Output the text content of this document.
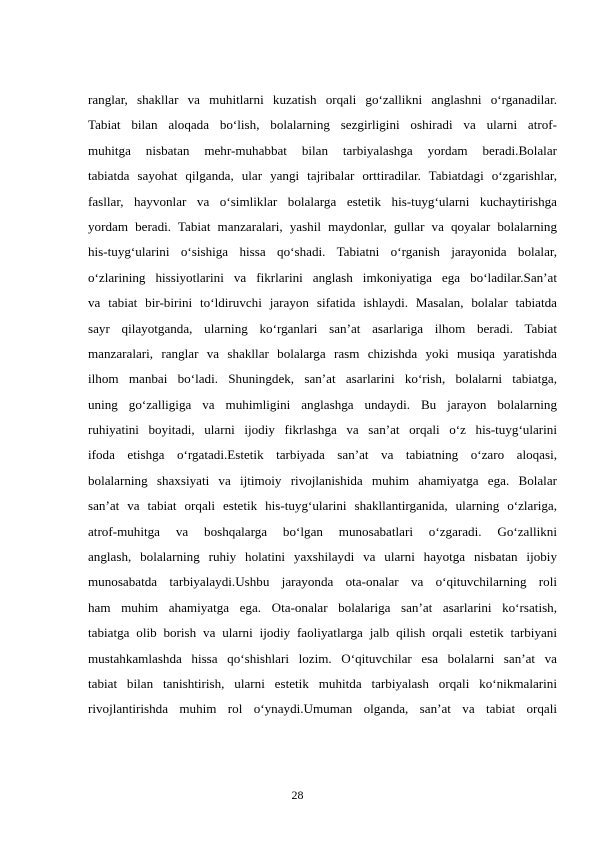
ranglar, shakllar va muhitlarni kuzatish orqali go‘zallikni anglashni o‘rganadilar.
Tabiat bilan aloqada bo‘lish, bolalarning sezgirligini oshiradi va ularni atrof-
muhitga nisbatan mehr-muhabbat bilan tarbiyalashga yordam beradi.Bolalar
tabiatda sayohat qilganda, ular yangi tajribalar orttiradilar. Tabiatdagi o‘zgarishlar,
fasllar, hayvonlar va o‘simliklar bolalarga estetik his-tuyg‘ularni kuchaytirishga
yordam beradi. Tabiat manzaralari, yashil maydonlar, gullar va qoyalar bolalarning
his-tuyg‘ularini o‘sishiga hissa qo‘shadi. Tabiatni o‘rganish jarayonida bolalar,
o‘zlarining hissiyotlarini va fikrlarini anglash imkoniyatiga ega bo‘ladilar.San’at
va tabiat bir-birini to‘ldiruvchi jarayon sifatida ishlaydi. Masalan, bolalar tabiatda
sayr qilayotganda, ularning ko‘rganlari san’at asarlariga ilhom beradi. Tabiat
manzaralari, ranglar va shakllar bolalarga rasm chizishda yoki musiqa yaratishda
ilhom manbai bo‘ladi. Shuningdek, san’at asarlarini ko‘rish, bolalarni tabiatga,
uning go‘zalligiga va muhimligini anglashga undaydi. Bu jarayon bolalarning
ruhiyatini boyitadi, ularni ijodiy fikrlashga va san’at orqali o‘z his-tuyg‘ularini
ifoda etishga o‘rgatadi.Estetik tarbiyada san’at va tabiatning o‘zaro aloqasi,
bolalarning shaxsiyati va ijtimoiy rivojlanishida muhim ahamiyatga ega. Bolalar
san’at va tabiat orqali estetik his-tuyg‘ularini shakllantirganida, ularning o‘zlariga,
atrof-muhitga va boshqalarga bo‘lgan munosabatlari o‘zgaradi. Go‘zallikni
anglash, bolalarning ruhiy holatini yaxshilaydi va ularni hayotga nisbatan ijobiy
munosabatda tarbiyalaydi.Ushbu jarayonda ota-onalar va o‘qituvchilarning roli
ham muhim ahamiyatga ega. Ota-onalar bolalariga san’at asarlarini ko‘rsatish,
tabiatga olib borish va ularni ijodiy faoliyatlarga jalb qilish orqali estetik tarbiyani
mustahkamlashda hissa qo‘shishlari lozim. O‘qituvchilar esa bolalarni san’at va
tabiat bilan tanishtirish, ularni estetik muhitda tarbiyalash orqali ko‘nikmalarini
rivojlantirishda muhim rol o‘ynaydi.Umuman olganda, san’at va tabiat orqali
28
